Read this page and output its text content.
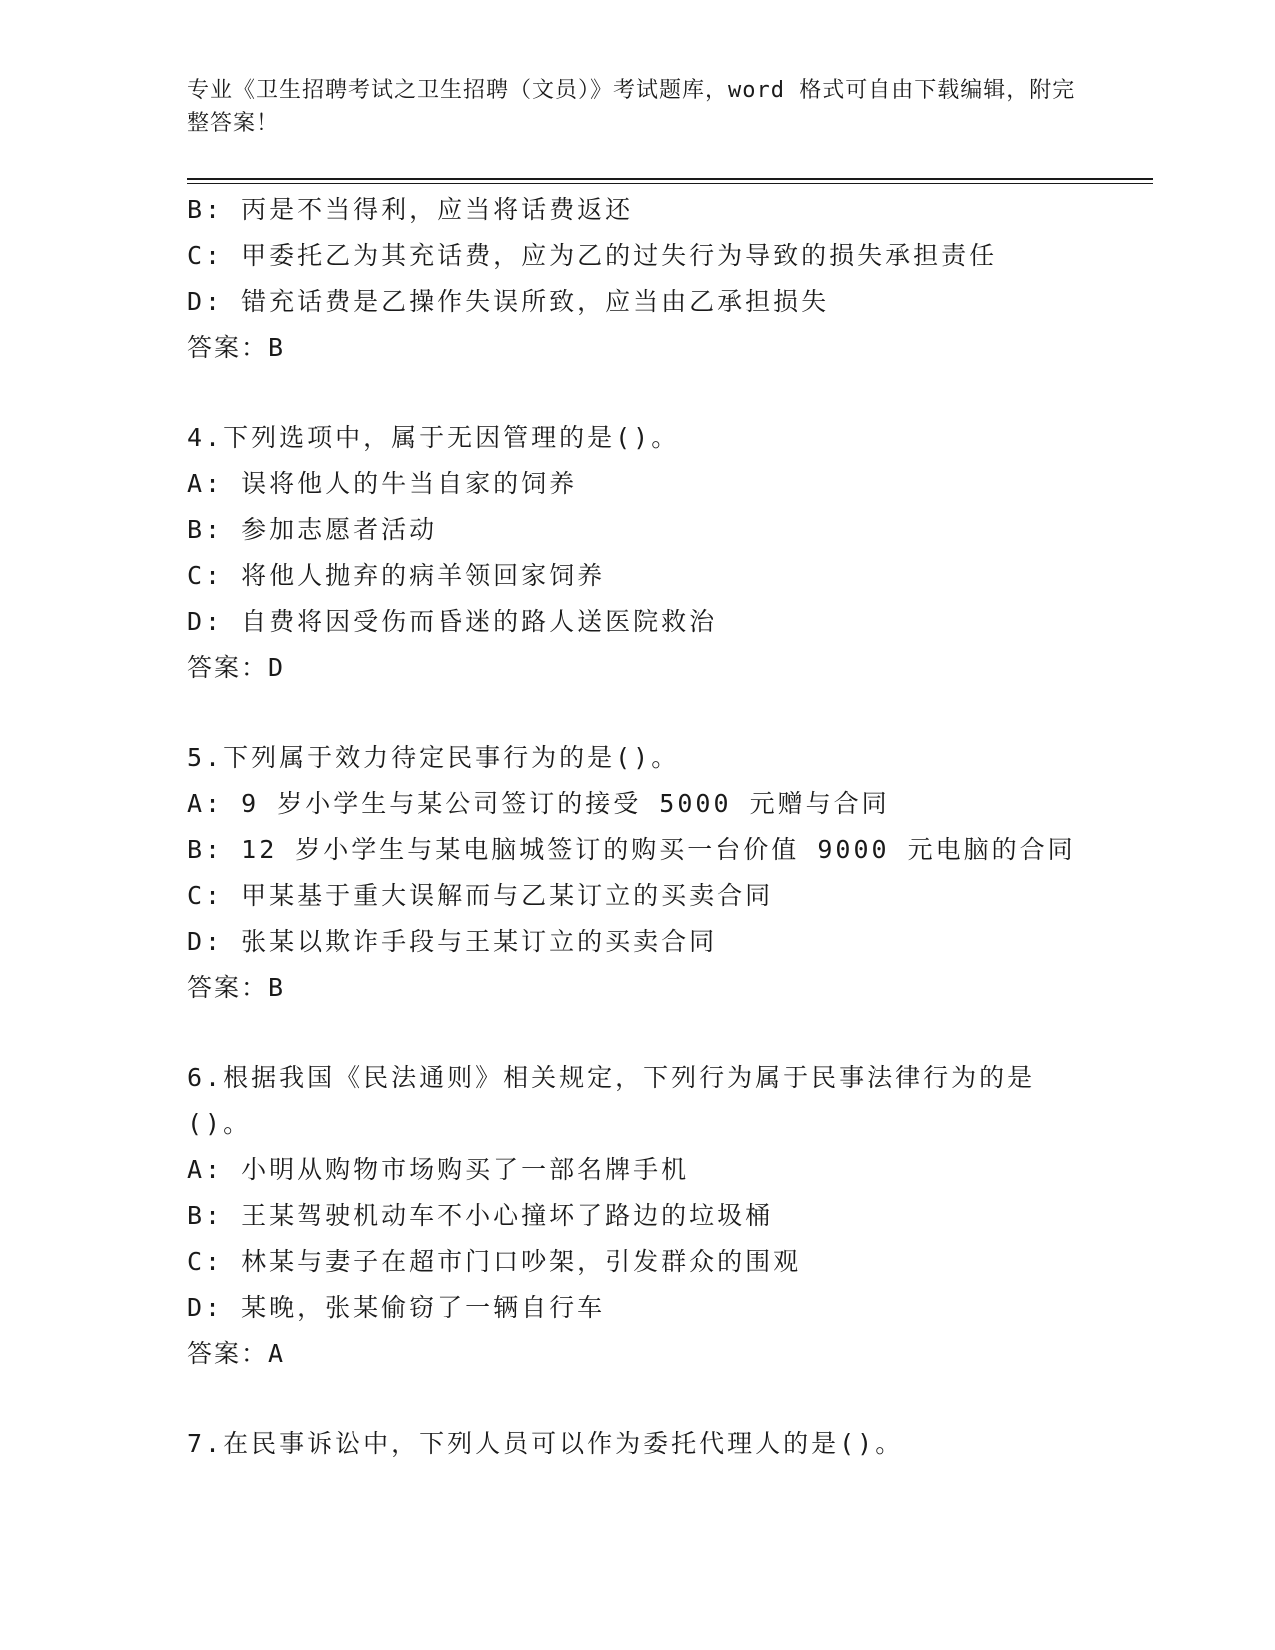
专业《卫生招聘考试之卫生招聘（文员）》考试题库，word 格式可自由下载编辑，附完整答案！
B: 丙是不当得利，应当将话费返还
C: 甲委托乙为其充话费，应为乙的过失行为导致的损失承担责任
D: 错充话费是乙操作失误所致，应当由乙承担损失
答案：B
4.下列选项中，属于无因管理的是()。
A: 误将他人的牛当自家的饲养
B: 参加志愿者活动
C: 将他人抛弃的病羊领回家饲养
D: 自费将因受伤而昏迷的路人送医院救治
答案：D
5.下列属于效力待定民事行为的是()。
A: 9 岁小学生与某公司签订的接受 5000 元赠与合同
B: 12 岁小学生与某电脑城签订的购买一台价值 9000 元电脑的合同
C: 甲某基于重大误解而与乙某订立的买卖合同
D: 张某以欺诈手段与王某订立的买卖合同
答案：B
6.根据我国《民法通则》相关规定，下列行为属于民事法律行为的是()。
A: 小明从购物市场购买了一部名牌手机
B: 王某驾驶机动车不小心撞坏了路边的垃圾桶
C: 林某与妻子在超市门口吵架，引发群众的围观
D: 某晚，张某偷窃了一辆自行车
答案：A
7.在民事诉讼中，下列人员可以作为委托代理人的是()。
